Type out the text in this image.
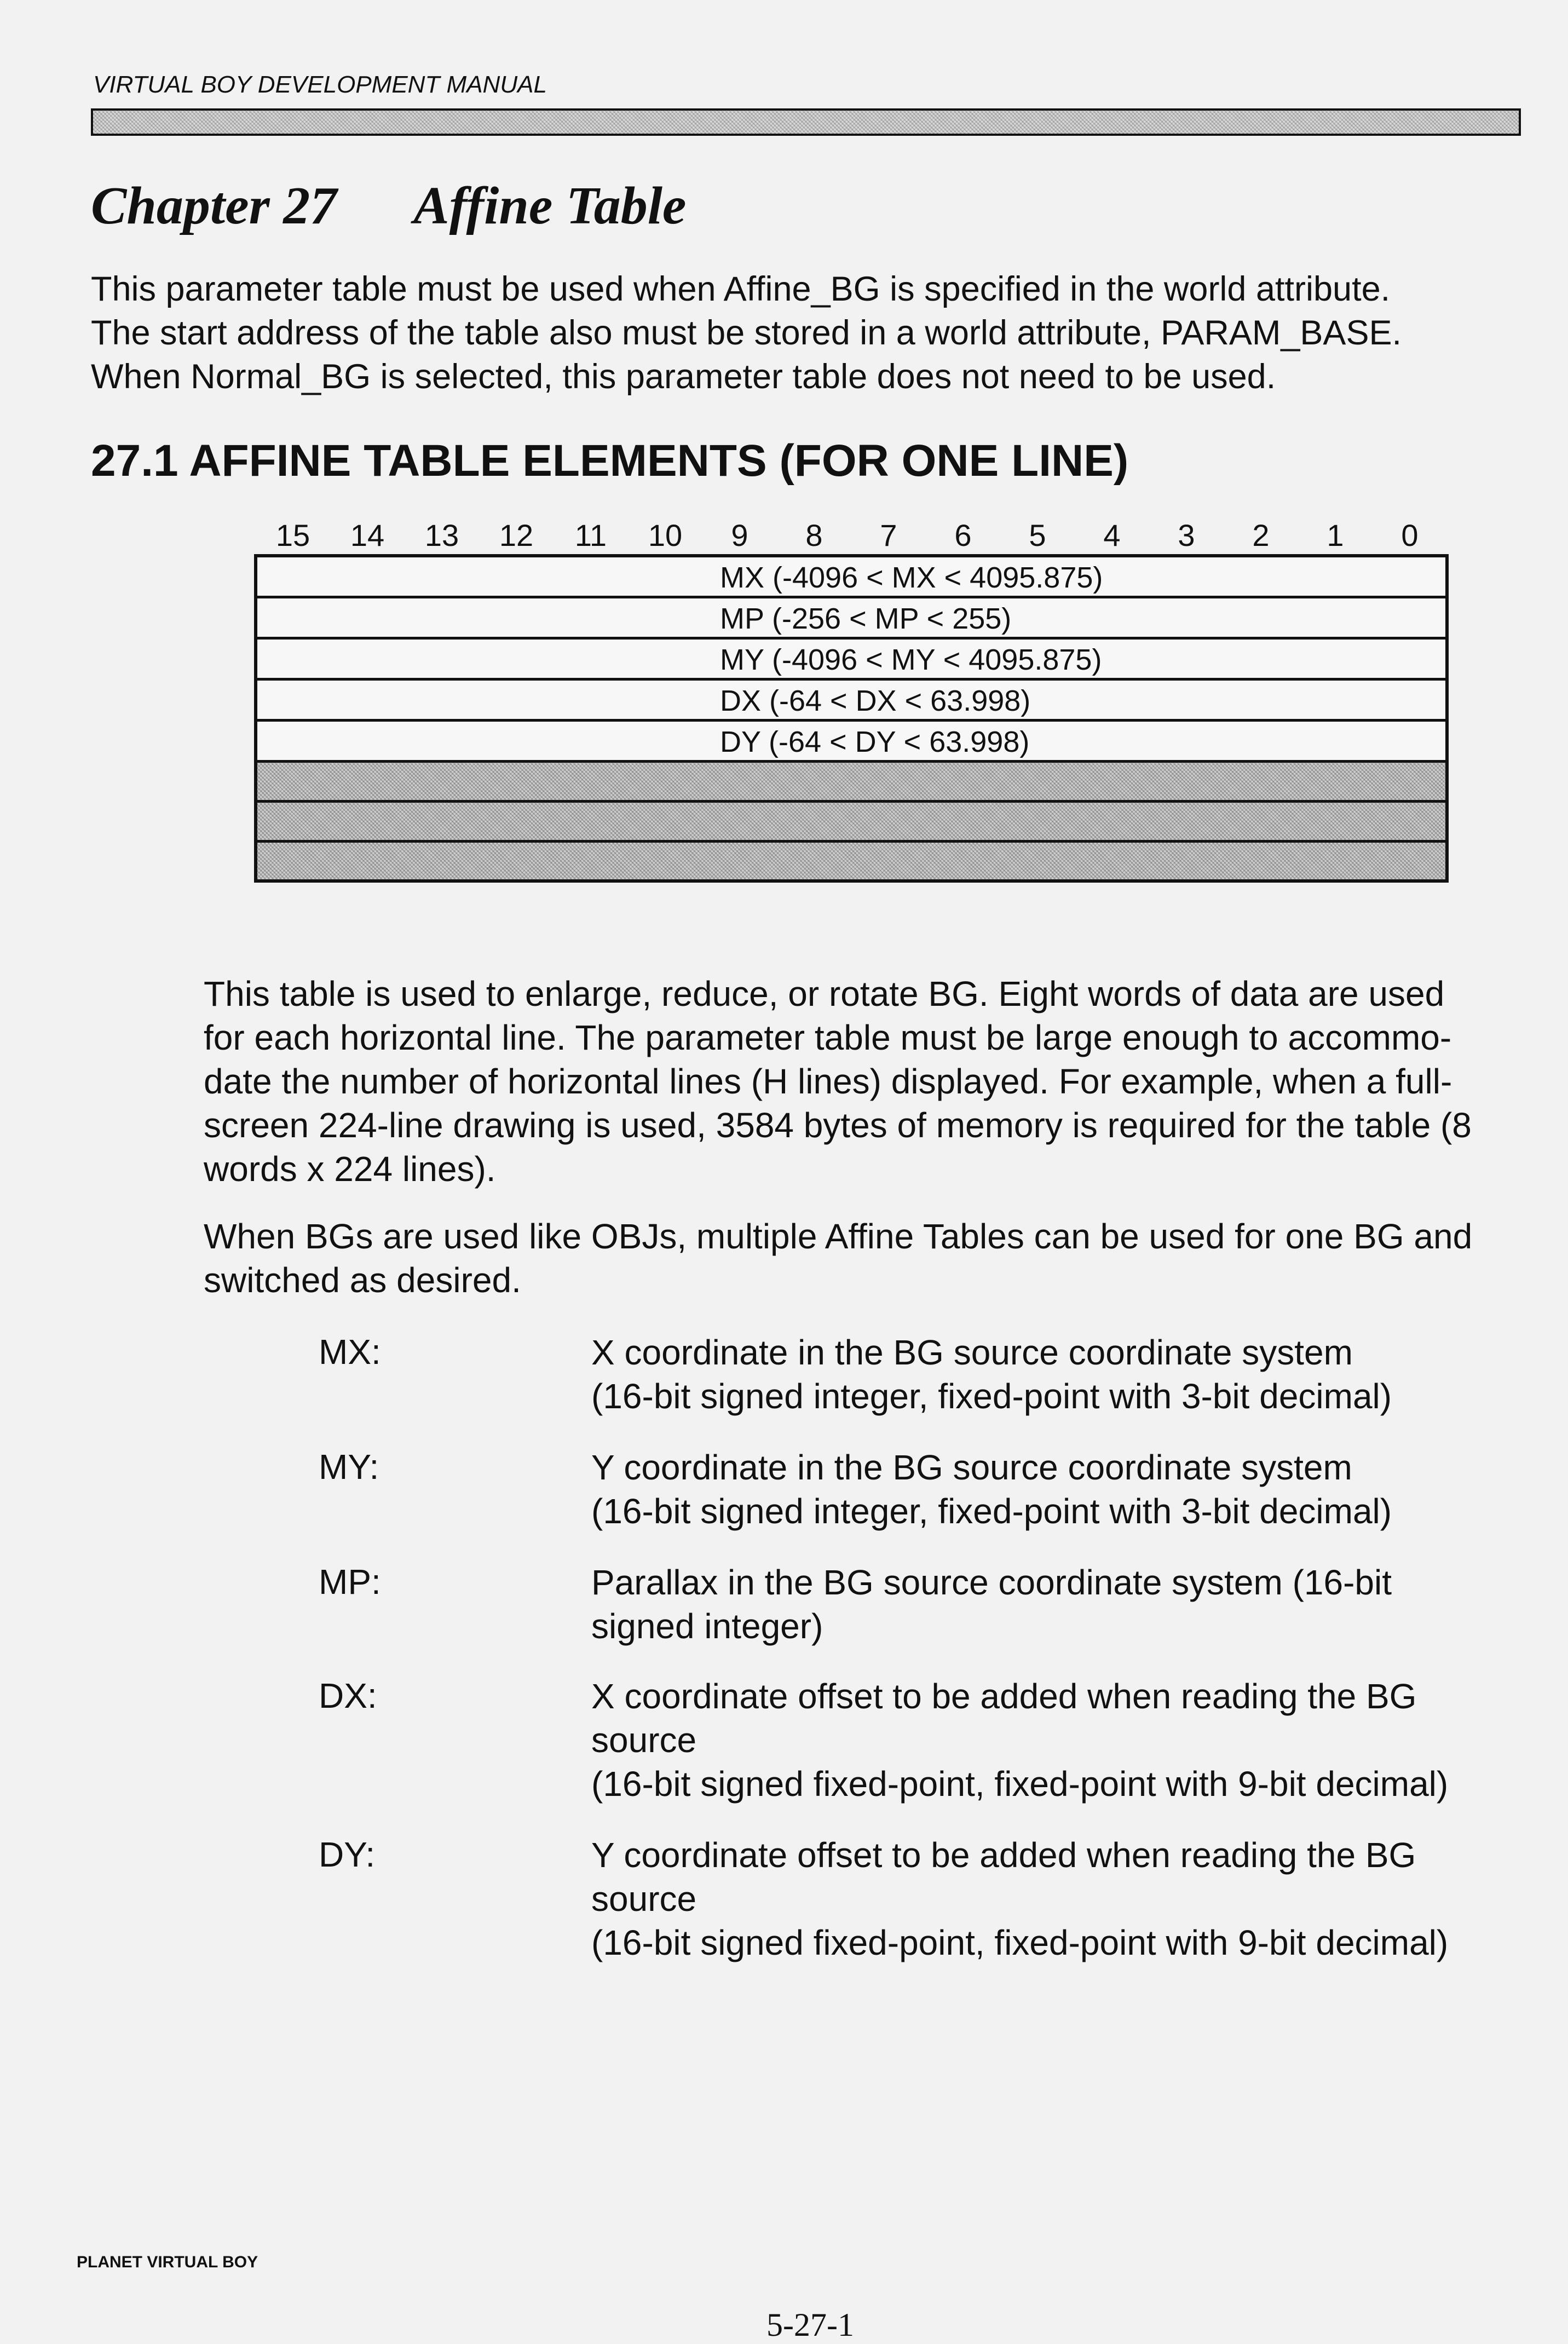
VIRTUAL BOY DEVELOPMENT MANUAL
Chapter 27 Affine Table

This parameter table must be used when Affine_BG is specified in the world attribute.

The start address of the table also must be stored in a world attribute, PARAM_BASE.

When Normal_BG is selected, this parameter table does not need to be used.

27.1 AFFINE TABLE ELEMENTS (FOR ONE LINE)
15 14 13 12 11 10	9	8	7	6	5	4	3	2	1	0
MX (-4096 < MX < 4095.875)
MP (-256 < MP < 255)
MY (-4096 < MY < 4095.875)
DX (-64 < DX < 63.998)
DY (-64 < DY < 63.998)

This table is used to enlarge, reduce, or rotate BG. Eight words of data are used

for each horizontal line. The parameter table must be large enough to accommo-

date the number of horizontal lines (H lines) displayed. For example, when a full-

screen 224-line drawing is used, 3584 bytes of memory is required for the table (8

words x 224 lines).

When BGs are used like OBJs, multiple Affine Tables can be used for one BG and

switched as desired.

MX:	X coordinate in the BG source coordinate system

(16-bit signed integer, fixed-point with 3-bit decimal)

MY:	Y coordinate in the BG source coordinate system

(16-bit signed integer, fixed-point with 3-bit decimal)

MP:	Parallax in the BG source coordinate system (16-bit

signed integer)

DX:	X coordinate offset to be added when reading the BG

source

(16-bit signed fixed-point, fixed-point with 9-bit decimal)

DY:	Y coordinate offset to be added when reading the BG

source

(16-bit signed fixed-point, fixed-point with 9-bit decimal)

PLANET VIRTUAL BOY
5-27-1
